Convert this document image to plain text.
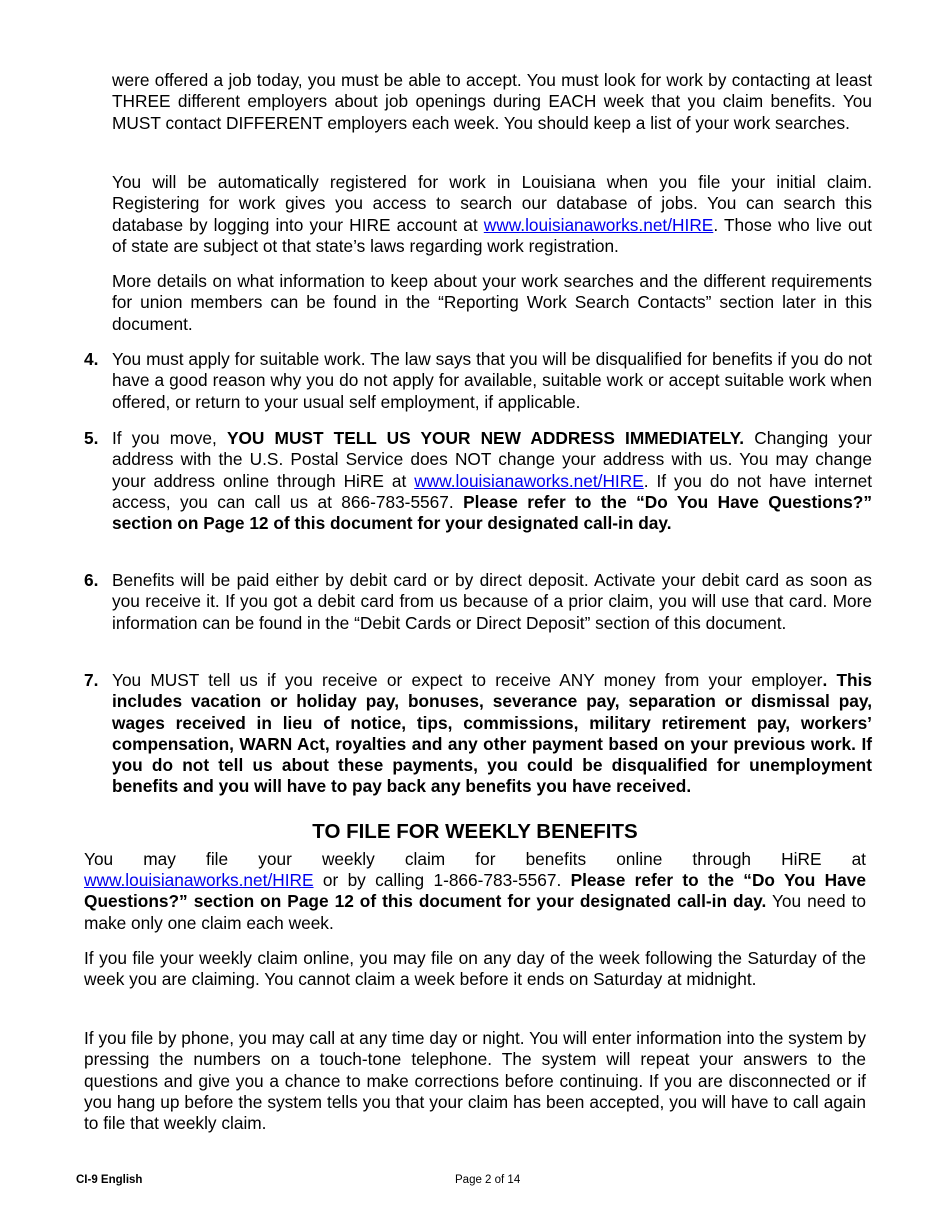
were offered a job today, you must be able to accept. You must look for work by contacting at least THREE different employers about job openings during EACH week that you claim benefits. You MUST contact DIFFERENT employers each week. You should keep a list of your work searches.

You will be automatically registered for work in Louisiana when you file your initial claim. Registering for work gives you access to search our database of jobs. You can search this database by logging into your HIRE account at www.louisianaworks.net/HIRE. Those who live out of state are subject ot that state’s laws regarding work registration.

More details on what information to keep about your work searches and the different requirements for union members can be found in the “Reporting Work Search Contacts” section later in this document.

4. You must apply for suitable work. The law says that you will be disqualified for benefits if you do not have a good reason why you do not apply for available, suitable work or accept suitable work when offered, or return to your usual self employment, if applicable.
5. If you move, YOU MUST TELL US YOUR NEW ADDRESS IMMEDIATELY. Changing your address with the U.S. Postal Service does NOT change your address with us. You may change your address online through HiRE at www.louisianaworks.net/HIRE. If you do not have internet access, you can call us at 866-783-5567. Please refer to the “Do You Have Questions?” section on Page 12 of this document for your designated call-in day.
6. Benefits will be paid either by debit card or by direct deposit. Activate your debit card as soon as you receive it. If you got a debit card from us because of a prior claim, you will use that card. More information can be found in the “Debit Cards or Direct Deposit” section of this document.
7. You MUST tell us if you receive or expect to receive ANY money from your employer. This includes vacation or holiday pay, bonuses, severance pay, separation or dismissal pay, wages received in lieu of notice, tips, commissions, military retirement pay, workers’ compensation, WARN Act, royalties and any other payment based on your previous work. If you do not tell us about these payments, you could be disqualified for unemployment benefits and you will have to pay back any benefits you have received.
TO FILE FOR WEEKLY BENEFITS

You may file your weekly claim for benefits online through HiRE at

www.louisianaworks.net/HIRE or by calling 1-866-783-5567. Please refer to the “Do You Have Questions?” section on Page 12 of this document for your designated call-in day. You need to make only one claim each week.

If you file your weekly claim online, you may file on any day of the week following the Saturday of the week you are claiming. You cannot claim a week before it ends on Saturday at midnight.

If you file by phone, you may call at any time day or night. You will enter information into the system by pressing the numbers on a touch-tone telephone. The system will repeat your answers to the questions and give you a chance to make corrections before continuing. If you are disconnected or if you hang up before the system tells you that your claim has been accepted, you will have to call again to file that weekly claim.

CI-9 English	Page 2 of 14
